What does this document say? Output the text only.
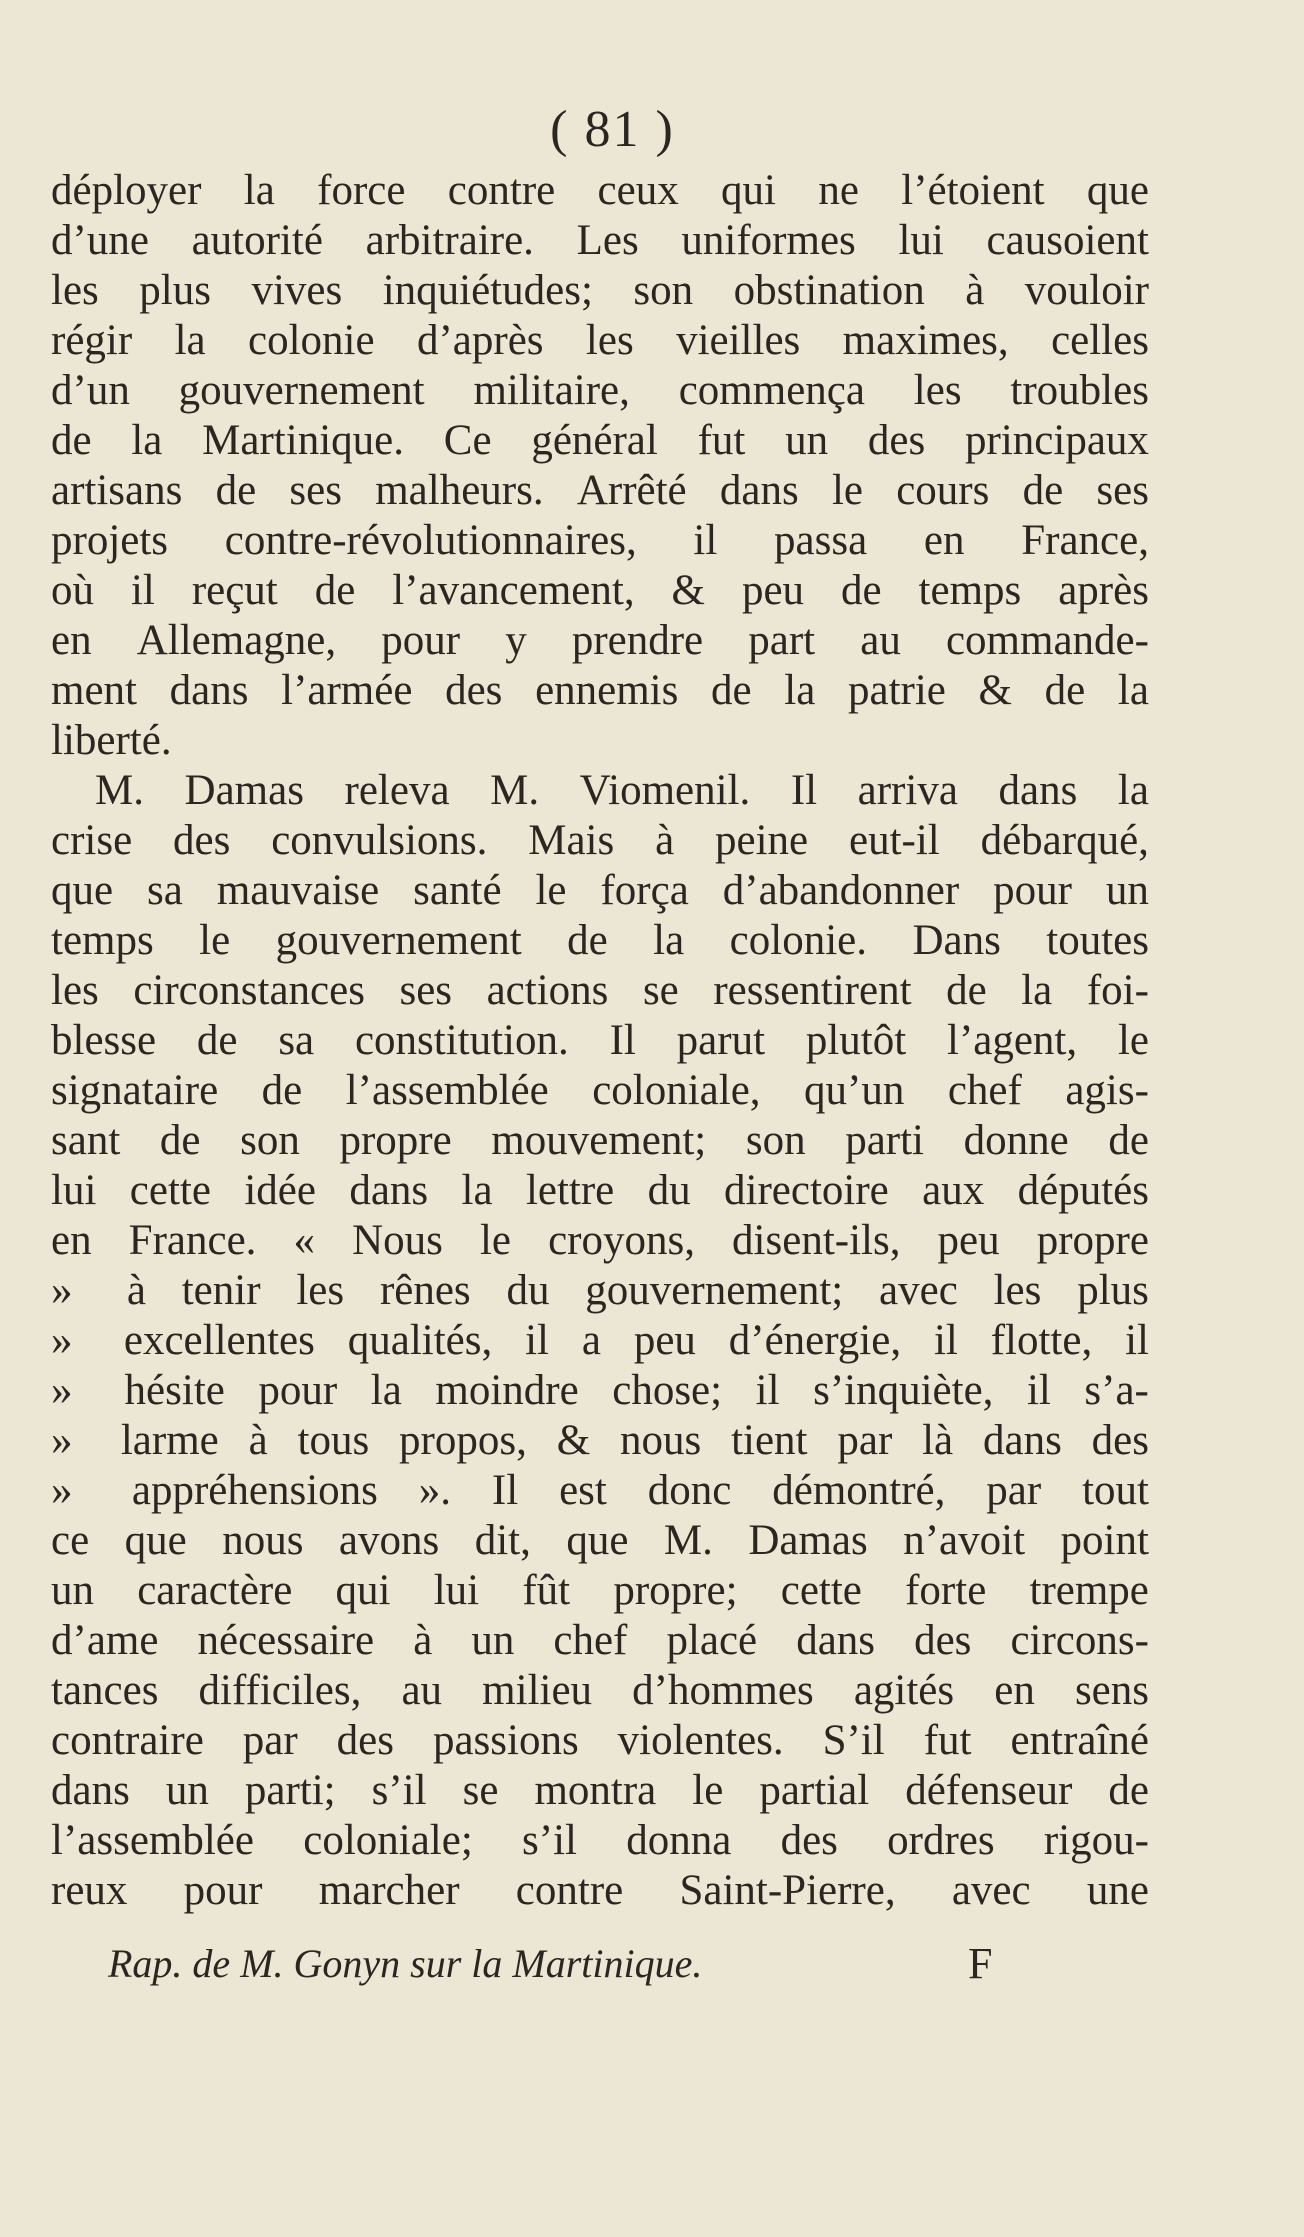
( 81 )
déployer la force contre ceux qui ne l’étoient que
d’une autorité arbitraire. Les uniformes lui causoient
les plus vives inquiétudes; son obstination à vouloir
régir la colonie d’après les vieilles maximes, celles
d’un gouvernement militaire, commença les troubles
de la Martinique. Ce général fut un des principaux
artisans de ses malheurs. Arrêté dans le cours de ses
projets contre-révolutionnaires, il passa en France,
où il reçut de l’avancement, & peu de temps après
en Allemagne, pour y prendre part au commande-
ment dans l’armée des ennemis de la patrie & de la
liberté.
M. Damas releva M. Viomenil. Il arriva dans la
crise des convulsions. Mais à peine eut-il débarqué,
que sa mauvaise santé le força d’abandonner pour un
temps le gouvernement de la colonie. Dans toutes
les circonstances ses actions se ressentirent de la foi-
blesse de sa constitution. Il parut plutôt l’agent, le
signataire de l’assemblée coloniale, qu’un chef agis-
sant de son propre mouvement; son parti donne de
lui cette idée dans la lettre du directoire aux députés
en France. « Nous le croyons, disent-ils, peu propre
»	à tenir les rênes du gouvernement; avec les plus
»	excellentes qualités, il a peu d’énergie, il flotte, il
»	hésite pour la moindre chose; il s’inquiète, il s’a-
»	larme à tous propos, & nous tient par là dans des
»	appréhensions ». Il est donc démontré, par tout
ce que nous avons dit, que M. Damas n’avoit point
un caractère qui lui fût propre; cette forte trempe
d’ame nécessaire à un chef placé dans des circons-
tances difficiles, au milieu d’hommes agités en sens
contraire par des passions violentes. S’il fut entraîné
dans un parti; s’il se montra le partial défenseur de
l’assemblée coloniale; s’il donna des ordres rigou-
reux pour marcher contre Saint-Pierre, avec une
Rap. de M. Gonyn sur la Martinique.	F
